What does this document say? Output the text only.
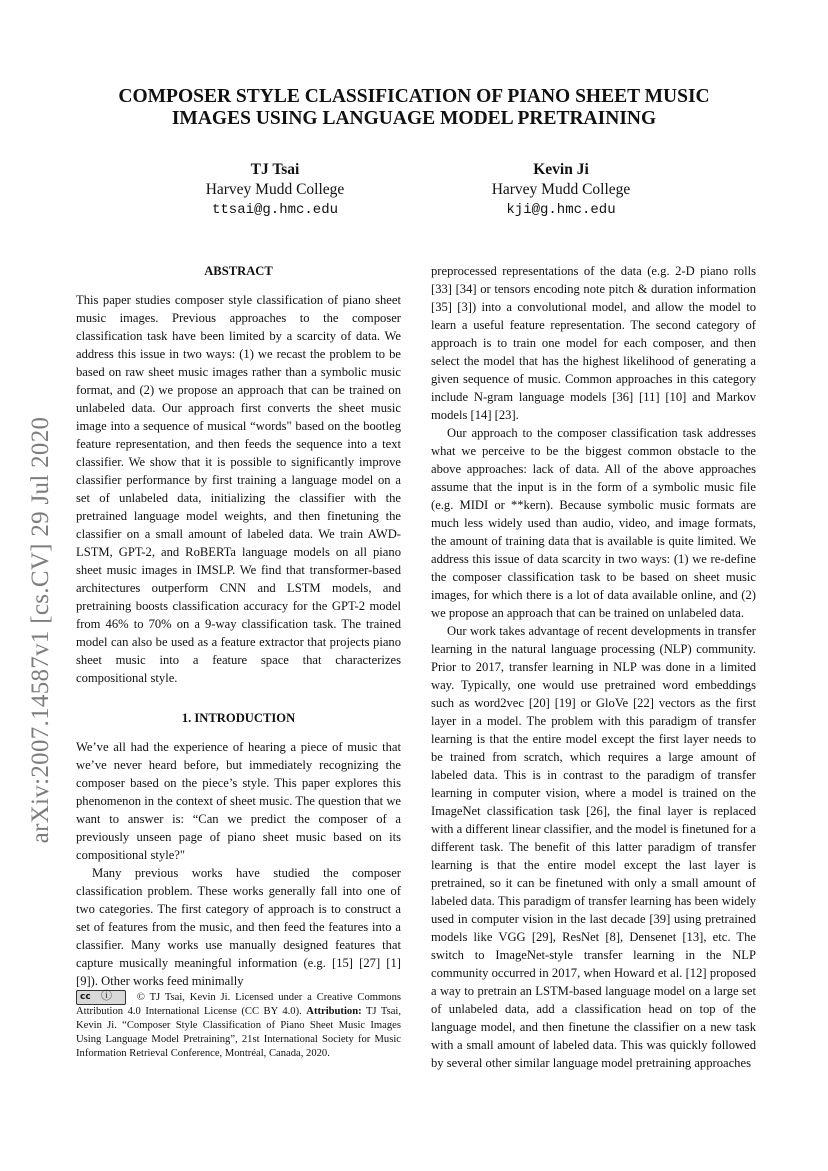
arXiv:2007.14587v1 [cs.CV] 29 Jul 2020
COMPOSER STYLE CLASSIFICATION OF PIANO SHEET MUSIC
IMAGES USING LANGUAGE MODEL PRETRAINING
TJ Tsai
Harvey Mudd College
ttsai@g.hmc.edu
Kevin Ji
Harvey Mudd College
kji@g.hmc.edu
ABSTRACT

This paper studies composer style classification of piano sheet music images. Previous approaches to the composer classification task have been limited by a scarcity of data. We address this issue in two ways: (1) we recast the problem to be based on raw sheet music images rather than a symbolic music format, and (2) we propose an approach that can be trained on unlabeled data. Our approach first converts the sheet music image into a sequence of musical “words" based on the bootleg feature representation, and then feeds the sequence into a text classifier. We show that it is possible to significantly improve classifier performance by first training a language model on a set of unlabeled data, initializing the classifier with the pretrained language model weights, and then finetuning the classifier on a small amount of labeled data. We train AWD-LSTM, GPT-2, and RoBERTa language models on all piano sheet music images in IMSLP. We find that transformer-based architectures outperform CNN and LSTM models, and pretraining boosts classification accuracy for the GPT-2 model from 46% to 70% on a 9-way classification task. The trained model can also be used as a feature extractor that projects piano sheet music into a feature space that characterizes compositional style.

1. INTRODUCTION

We’ve all had the experience of hearing a piece of music that we’ve never heard before, but immediately recognizing the composer based on the piece’s style. This paper explores this phenomenon in the context of sheet music. The question that we want to answer is: “Can we predict the composer of a previously unseen page of piano sheet music based on its compositional style?"

Many previous works have studied the composer classification problem. These works generally fall into one of two categories. The first category of approach is to construct a set of features from the music, and then feed the features into a classifier. Many works use manually designed features that capture musically meaningful information (e.g. [15] [27] [1] [9]). Other works feed minimally

preprocessed representations of the data (e.g. 2-D piano rolls [33] [34] or tensors encoding note pitch & duration information [35] [3]) into a convolutional model, and allow the model to learn a useful feature representation. The second category of approach is to train one model for each composer, and then select the model that has the highest likelihood of generating a given sequence of music. Common approaches in this category include N-gram language models [36] [11] [10] and Markov models [14] [23].

Our approach to the composer classification task addresses what we perceive to be the biggest common obstacle to the above approaches: lack of data. All of the above approaches assume that the input is in the form of a symbolic music file (e.g. MIDI or **kern). Because symbolic music formats are much less widely used than audio, video, and image formats, the amount of training data that is available is quite limited. We address this issue of data scarcity in two ways: (1) we re-define the composer classification task to be based on sheet music images, for which there is a lot of data available online, and (2) we propose an approach that can be trained on unlabeled data.

Our work takes advantage of recent developments in transfer learning in the natural language processing (NLP) community. Prior to 2017, transfer learning in NLP was done in a limited way. Typically, one would use pretrained word embeddings such as word2vec [20] [19] or GloVe [22] vectors as the first layer in a model. The problem with this paradigm of transfer learning is that the entire model except the first layer needs to be trained from scratch, which requires a large amount of labeled data. This is in contrast to the paradigm of transfer learning in computer vision, where a model is trained on the ImageNet classification task [26], the final layer is replaced with a different linear classifier, and the model is finetuned for a different task. The benefit of this latter paradigm of transfer learning is that the entire model except the last layer is pretrained, so it can be finetuned with only a small amount of labeled data. This paradigm of transfer learning has been widely used in computer vision in the last decade [39] using pretrained models like VGG [29], ResNet [8], Densenet [13], etc. The switch to ImageNet-style transfer learning in the NLP community occurred in 2017, when Howard et al. [12] proposed a way to pretrain an LSTM-based language model on a large set of unlabeled data, add a classification head on top of the language model, and then finetune the classifier on a new task with a small amount of labeled data. This was quickly followed by several other similar language model pretraining approaches

cc ⓘ © TJ Tsai, Kevin Ji. Licensed under a Creative Commons Attribution 4.0 International License (CC BY 4.0). Attribution: TJ Tsai, Kevin Ji. “Composer Style Classification of Piano Sheet Music Images Using Language Model Pretraining”, 21st International Society for Music Information Retrieval Conference, Montréal, Canada, 2020.
